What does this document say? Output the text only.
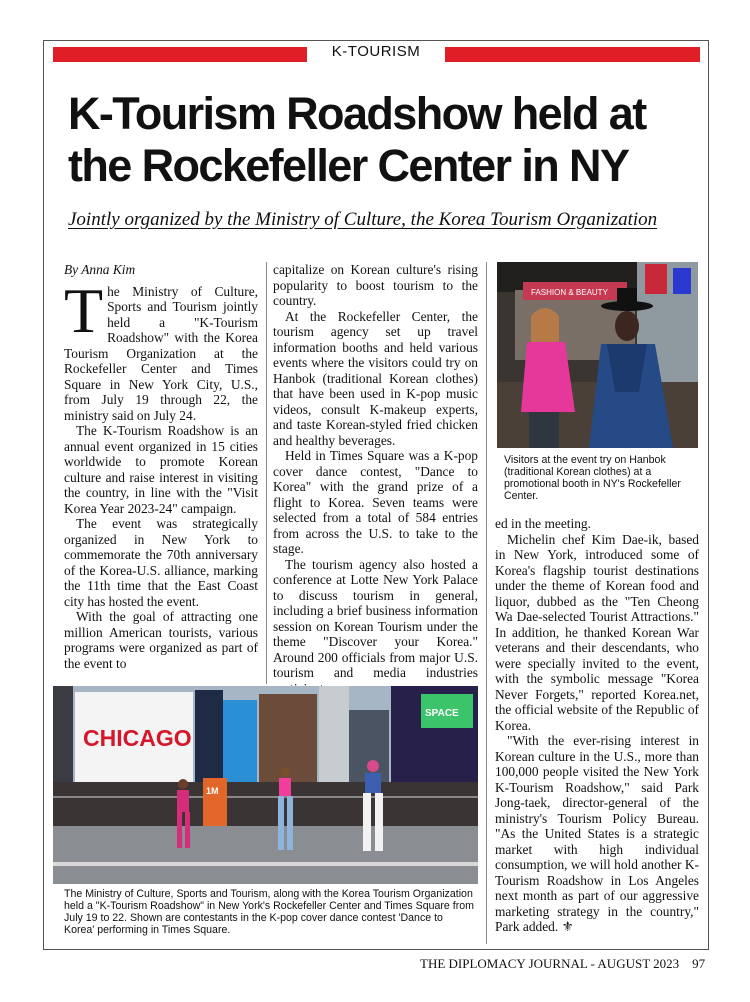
K-TOURISM
K-Tourism Roadshow held at the Rockefeller Center in NY
Jointly organized by the Ministry of Culture, the Korea Tourism Organization
By Anna Kim

The Ministry of Culture, Sports and Tourism jointly held a "K-Tourism Roadshow" with the Korea Tourism Organization at the Rockefeller Center and Times Square in New York City, U.S., from July 19 through 22, the ministry said on July 24.

The K-Tourism Roadshow is an annual event organized in 15 cities worldwide to promote Korean culture and raise interest in visiting the country, in line with the "Visit Korea Year 2023-24" campaign.

The event was strategically organized in New York to commemorate the 70th anniversary of the Korea-U.S. alliance, marking the 11th time that the East Coast city has hosted the event.

With the goal of attracting one million American tourists, various programs were organized as part of the event to

capitalize on Korean culture's rising popularity to boost tourism to the country.

At the Rockefeller Center, the tourism agency set up travel information booths and held various events where the visitors could try on Hanbok (traditional Korean clothes) that have been used in K-pop music videos, consult K-makeup experts, and taste Korean-styled fried chicken and healthy beverages.

Held in Times Square was a K-pop cover dance contest, "Dance to Korea" with the grand prize of a flight to Korea. Seven teams were selected from a total of 584 entries from across the U.S. to take to the stage.

The tourism agency also hosted a conference at Lotte New York Palace to discuss tourism in general, including a brief business information session on Korean Tourism under the theme "Discover your Korea." Around 200 officials from major U.S. tourism and media industries

FASHION & BEAUTY
Visitors at the event try on Hanbok (traditional Korean clothes) at a promotional booth in NY's Rockefeller Center.

ed in the meeting.

Michelin chef Kim Dae-ik, based in New York, introduced some of Korea's flagship tourist destinations under the theme of Korean food and liquor, dubbed as the "Ten Cheong Wa Dae-selected Tourist Attractions." In addition, he thanked Korean War veterans and their descendants, who were specially invited to the event, with the symbolic message "Korea Never Forgets," reported Korea.net, the official website of the Republic of Korea.

"With the ever-rising interest in Korean culture in the U.S., more than 100,000 people visited the New York K-Tourism Roadshow," said Park Jong-taek, director-general of the ministry's Tourism Policy Bureau. "As the United States is a strategic market with high individual consumption, we will hold another K-Tourism Roadshow in Los Angeles next month as part of our aggressive marketing strategy in the country," Park added. ⚜

CHICAGO
SPACE
1M
The Ministry of Culture, Sports and Tourism, along with the Korea Tourism Organization held a "K-Tourism Roadshow" in New York's Rockefeller Center and Times Square from July 19 to 22. Shown are contestants in the K-pop cover dance contest 'Dance to Korea' performing in Times Square.
THE DIPLOMACY JOURNAL - AUGUST 2023 97
